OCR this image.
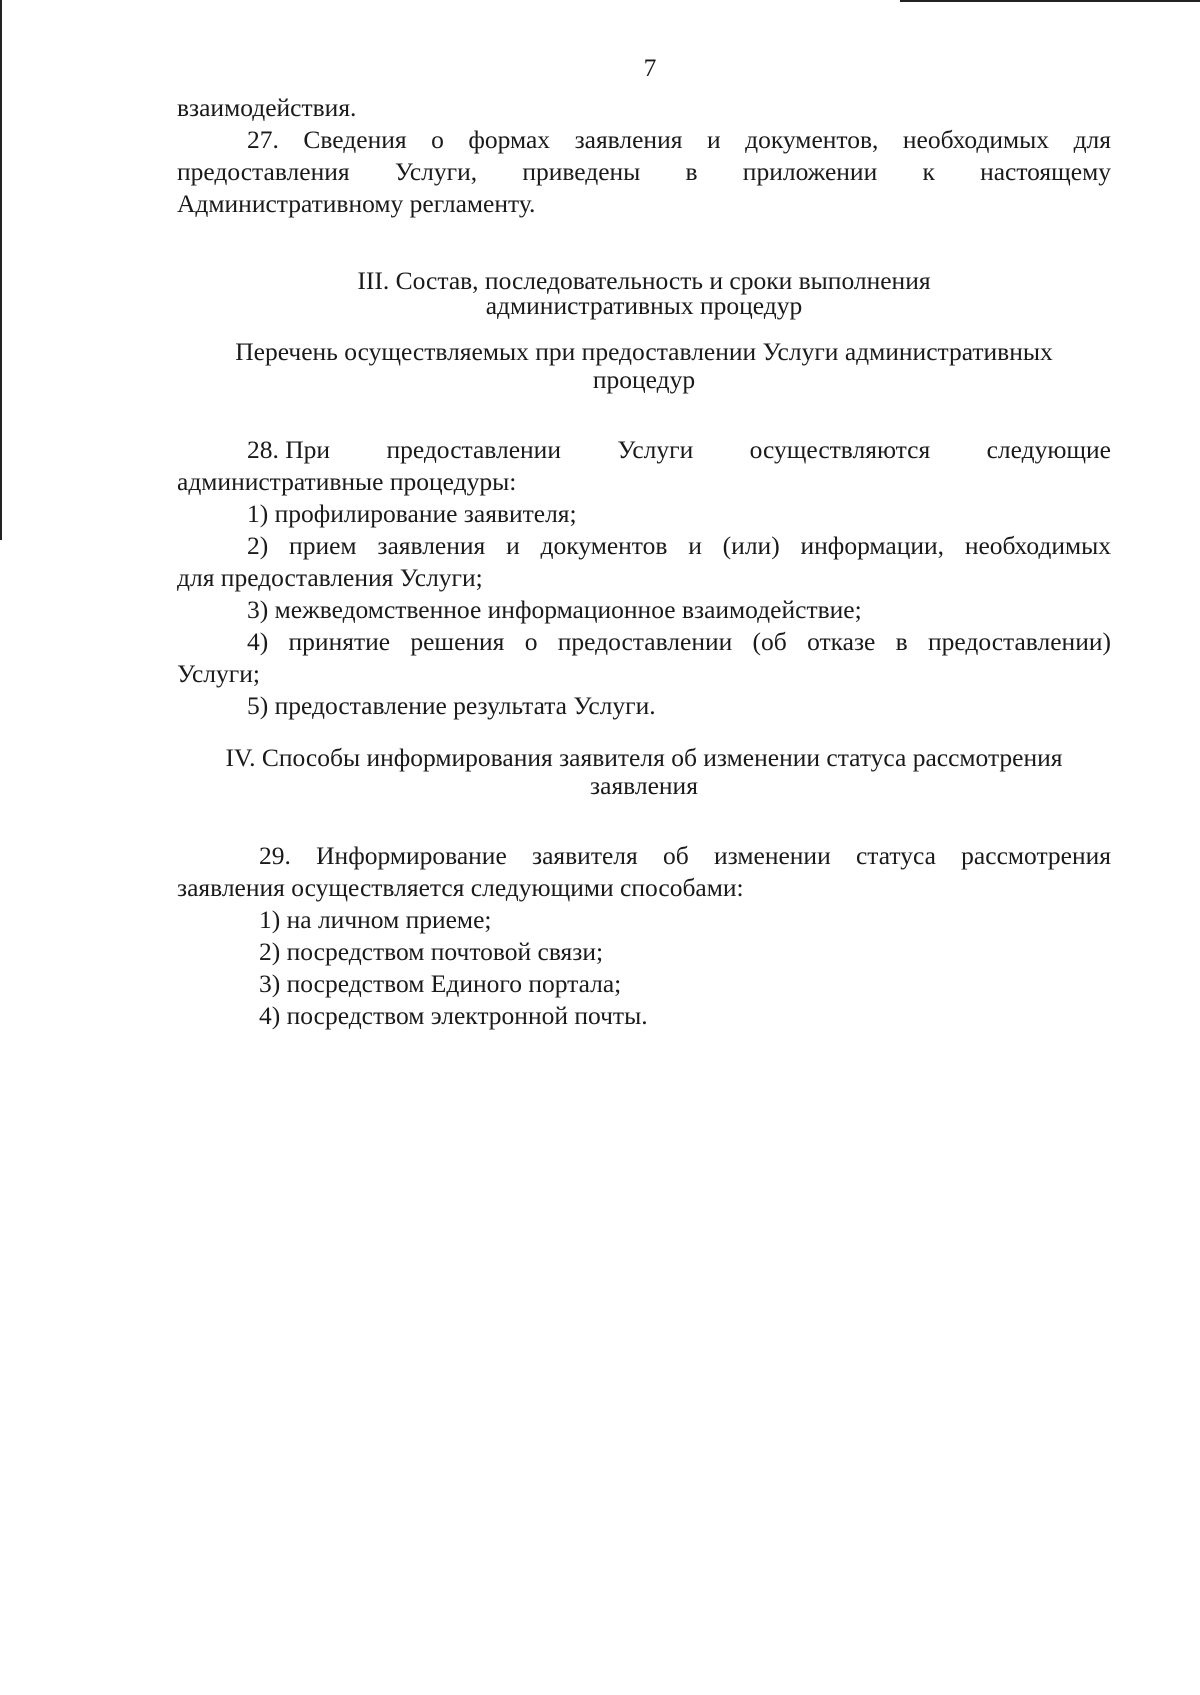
7

взаимодействия.

27. Сведения о формах заявления и документов, необходимых для

предоставления Услуги, приведены в приложении к настоящему

Административному регламенту.

III. Состав, последовательность и сроки выполнения
административных процедур
Перечень осуществляемых при предоставлении Услуги административных
процедур
28. При предоставлении Услуги осуществляются следующие

административные процедуры:

1) профилирование заявителя;

2) прием заявления и документов и (или) информации, необходимых

для предоставления Услуги;

3) межведомственное информационное взаимодействие;

4) принятие решения о предоставлении (об отказе в предоставлении)

Услуги;

5) предоставление результата Услуги.

IV. Способы информирования заявителя об изменении статуса рассмотрения
заявления

29. Информирование заявителя об изменении статуса рассмотрения

заявления осуществляется следующими способами:

1) на личном приеме;

2) посредством почтовой связи;

3) посредством Единого портала;

4) посредством электронной почты.
